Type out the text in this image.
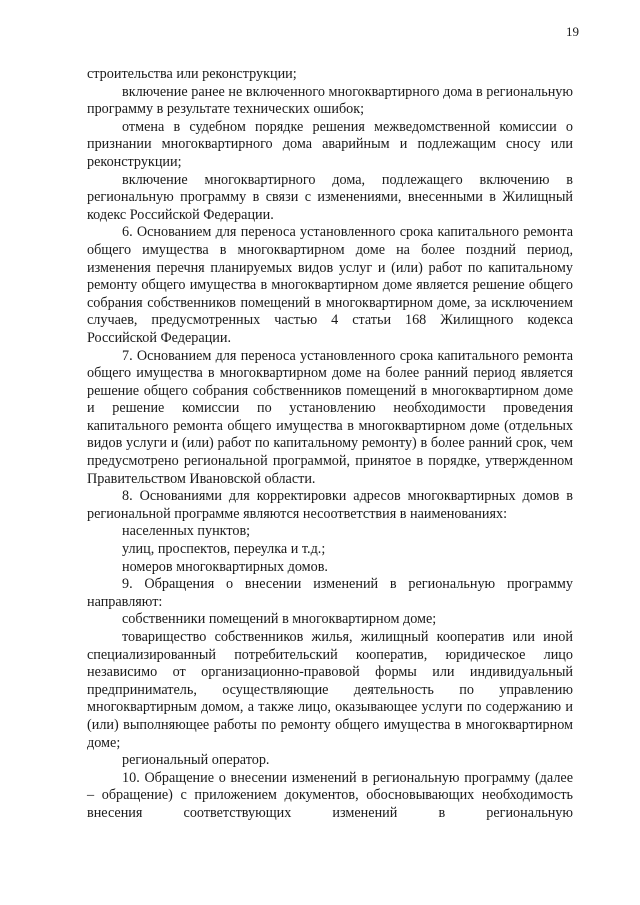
19

строительства или реконструкции;

включение ранее не включенного многоквартирного дома в региональную программу в результате технических ошибок;

отмена в судебном порядке решения межведомственной комиссии о признании многоквартирного дома аварийным и подлежащим сносу или реконструкции;

включение многоквартирного дома, подлежащего включению в региональную программу в связи с изменениями, внесенными в Жилищный кодекс Российской Федерации.

6. Основанием для переноса установленного срока капитального ремонта общего имущества в многоквартирном доме на более поздний период, изменения перечня планируемых видов услуг и (или) работ по капитальному ремонту общего имущества в многоквартирном доме является решение общего собрания собственников помещений в многоквартирном доме, за исключением случаев, предусмотренных частью 4 статьи 168 Жилищного кодекса Российской Федерации.

7. Основанием для переноса установленного срока капитального ремонта общего имущества в многоквартирном доме на более ранний период является решение общего собрания собственников помещений в многоквартирном доме и решение комиссии по установлению необходимости проведения капитального ремонта общего имущества в многоквартирном доме (отдельных видов услуги и (или) работ по капитальному ремонту) в более ранний срок, чем предусмотрено региональной программой, принятое в порядке, утвержденном Правительством Ивановской области.

8. Основаниями для корректировки адресов многоквартирных домов в региональной программе являются несоответствия в наименованиях:

населенных пунктов;

улиц, проспектов, переулка и т.д.;

номеров многоквартирных домов.

9. Обращения о внесении изменений в региональную программу направляют:

собственники помещений в многоквартирном доме;

товарищество собственников жилья, жилищный кооператив или иной специализированный потребительский кооператив, юридическое лицо независимо от организационно-правовой формы или индивидуальный предприниматель, осуществляющие деятельность по управлению многоквартирным домом, а также лицо, оказывающее услуги по содержанию и (или) выполняющее работы по ремонту общего имущества в многоквартирном доме;

региональный оператор.

10. Обращение о внесении изменений в региональную программу (далее – обращение) с приложением документов, обосновывающих необходимость внесения соответствующих изменений в региональную
